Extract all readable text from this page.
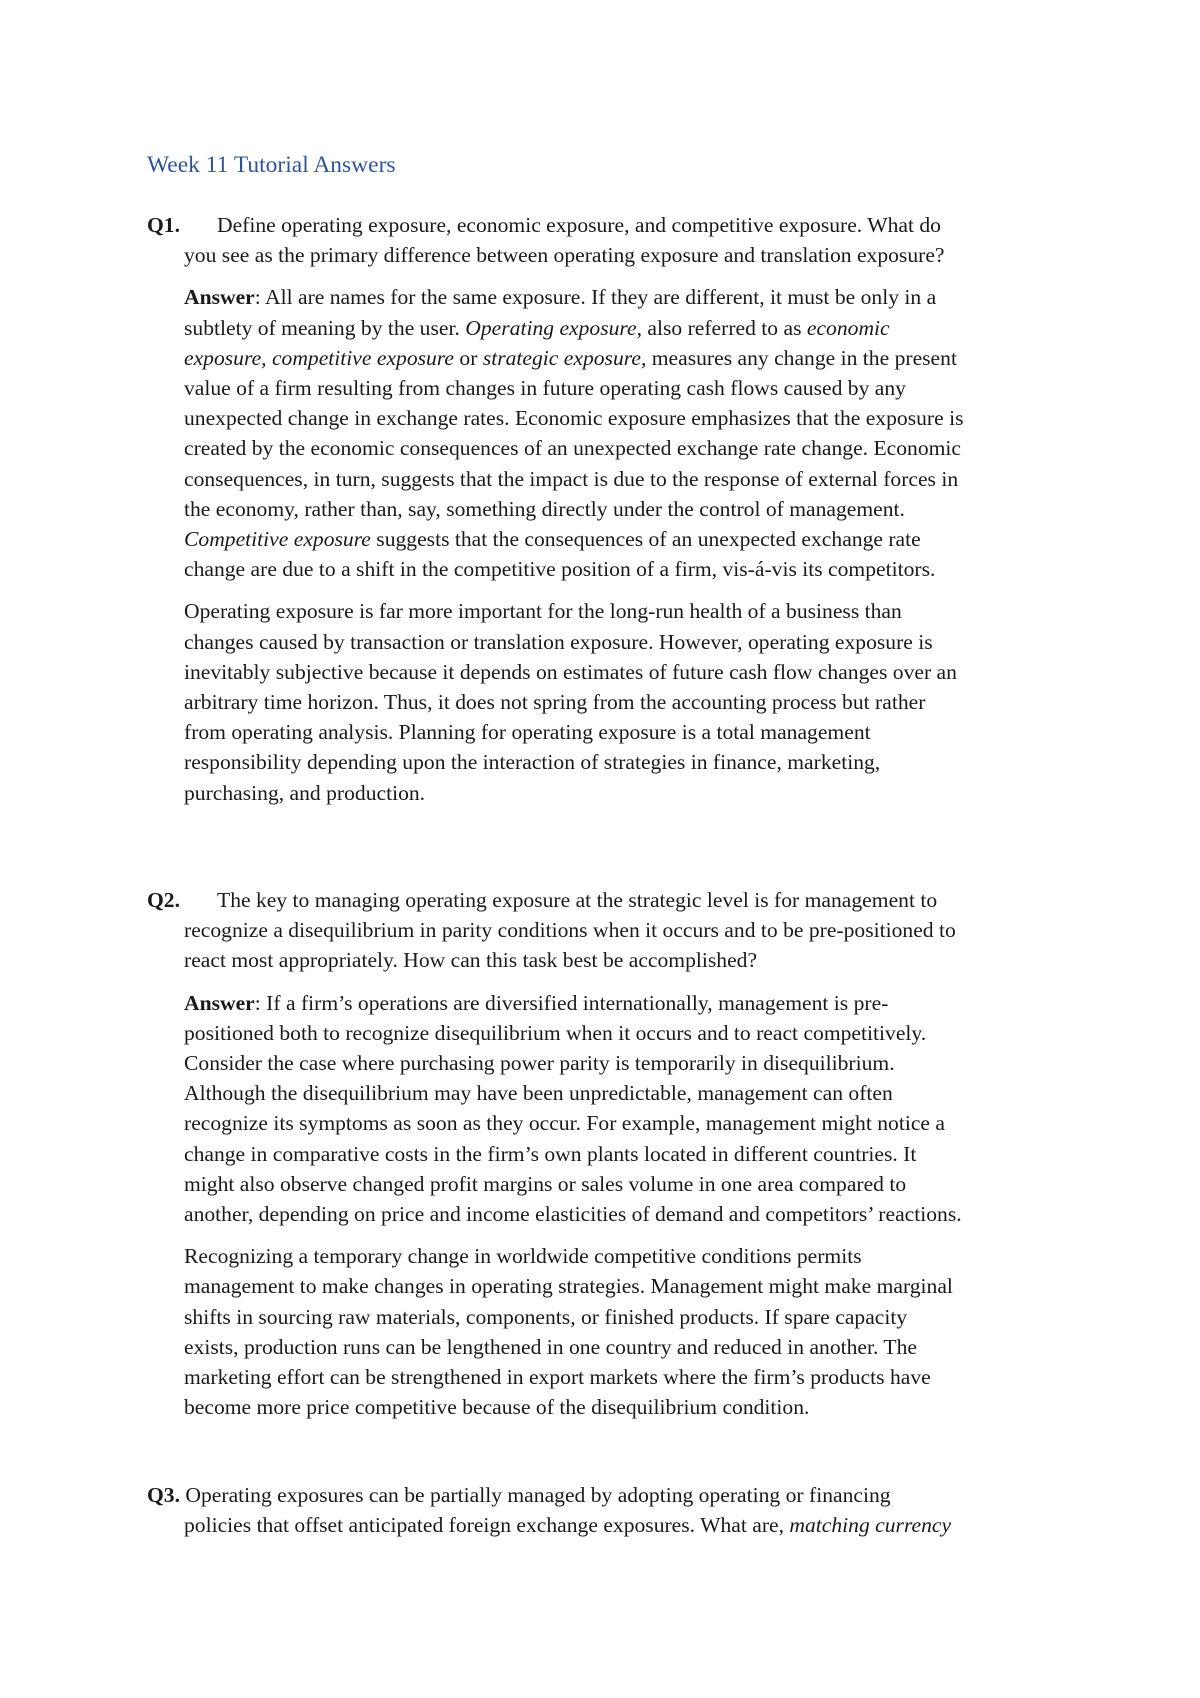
Week 11 Tutorial Answers

Q1. Define operating exposure, economic exposure, and competitive exposure. What do

you see as the primary difference between operating exposure and translation exposure?

Answer: All are names for the same exposure. If they are different, it must be only in a

subtlety of meaning by the user. Operating exposure, also referred to as economic

exposure, competitive exposure or strategic exposure, measures any change in the present

value of a firm resulting from changes in future operating cash flows caused by any

unexpected change in exchange rates. Economic exposure emphasizes that the exposure is

created by the economic consequences of an unexpected exchange rate change. Economic

consequences, in turn, suggests that the impact is due to the response of external forces in

the economy, rather than, say, something directly under the control of management.

Competitive exposure suggests that the consequences of an unexpected exchange rate

change are due to a shift in the competitive position of a firm, vis-á-vis its competitors.

Operating exposure is far more important for the long-run health of a business than

changes caused by transaction or translation exposure. However, operating exposure is

inevitably subjective because it depends on estimates of future cash flow changes over an

arbitrary time horizon. Thus, it does not spring from the accounting process but rather

from operating analysis. Planning for operating exposure is a total management

responsibility depending upon the interaction of strategies in finance, marketing,

purchasing, and production.

Q2. The key to managing operating exposure at the strategic level is for management to

recognize a disequilibrium in parity conditions when it occurs and to be pre-positioned to

react most appropriately. How can this task best be accomplished?

Answer: If a firm’s operations are diversified internationally, management is pre-

positioned both to recognize disequilibrium when it occurs and to react competitively.

Consider the case where purchasing power parity is temporarily in disequilibrium.

Although the disequilibrium may have been unpredictable, management can often

recognize its symptoms as soon as they occur. For example, management might notice a

change in comparative costs in the firm’s own plants located in different countries. It

might also observe changed profit margins or sales volume in one area compared to

another, depending on price and income elasticities of demand and competitors’ reactions.

Recognizing a temporary change in worldwide competitive conditions permits

management to make changes in operating strategies. Management might make marginal

shifts in sourcing raw materials, components, or finished products. If spare capacity

exists, production runs can be lengthened in one country and reduced in another. The

marketing effort can be strengthened in export markets where the firm’s products have

become more price competitive because of the disequilibrium condition.

Q3. Operating exposures can be partially managed by adopting operating or financing

policies that offset anticipated foreign exchange exposures. What are, matching currency
